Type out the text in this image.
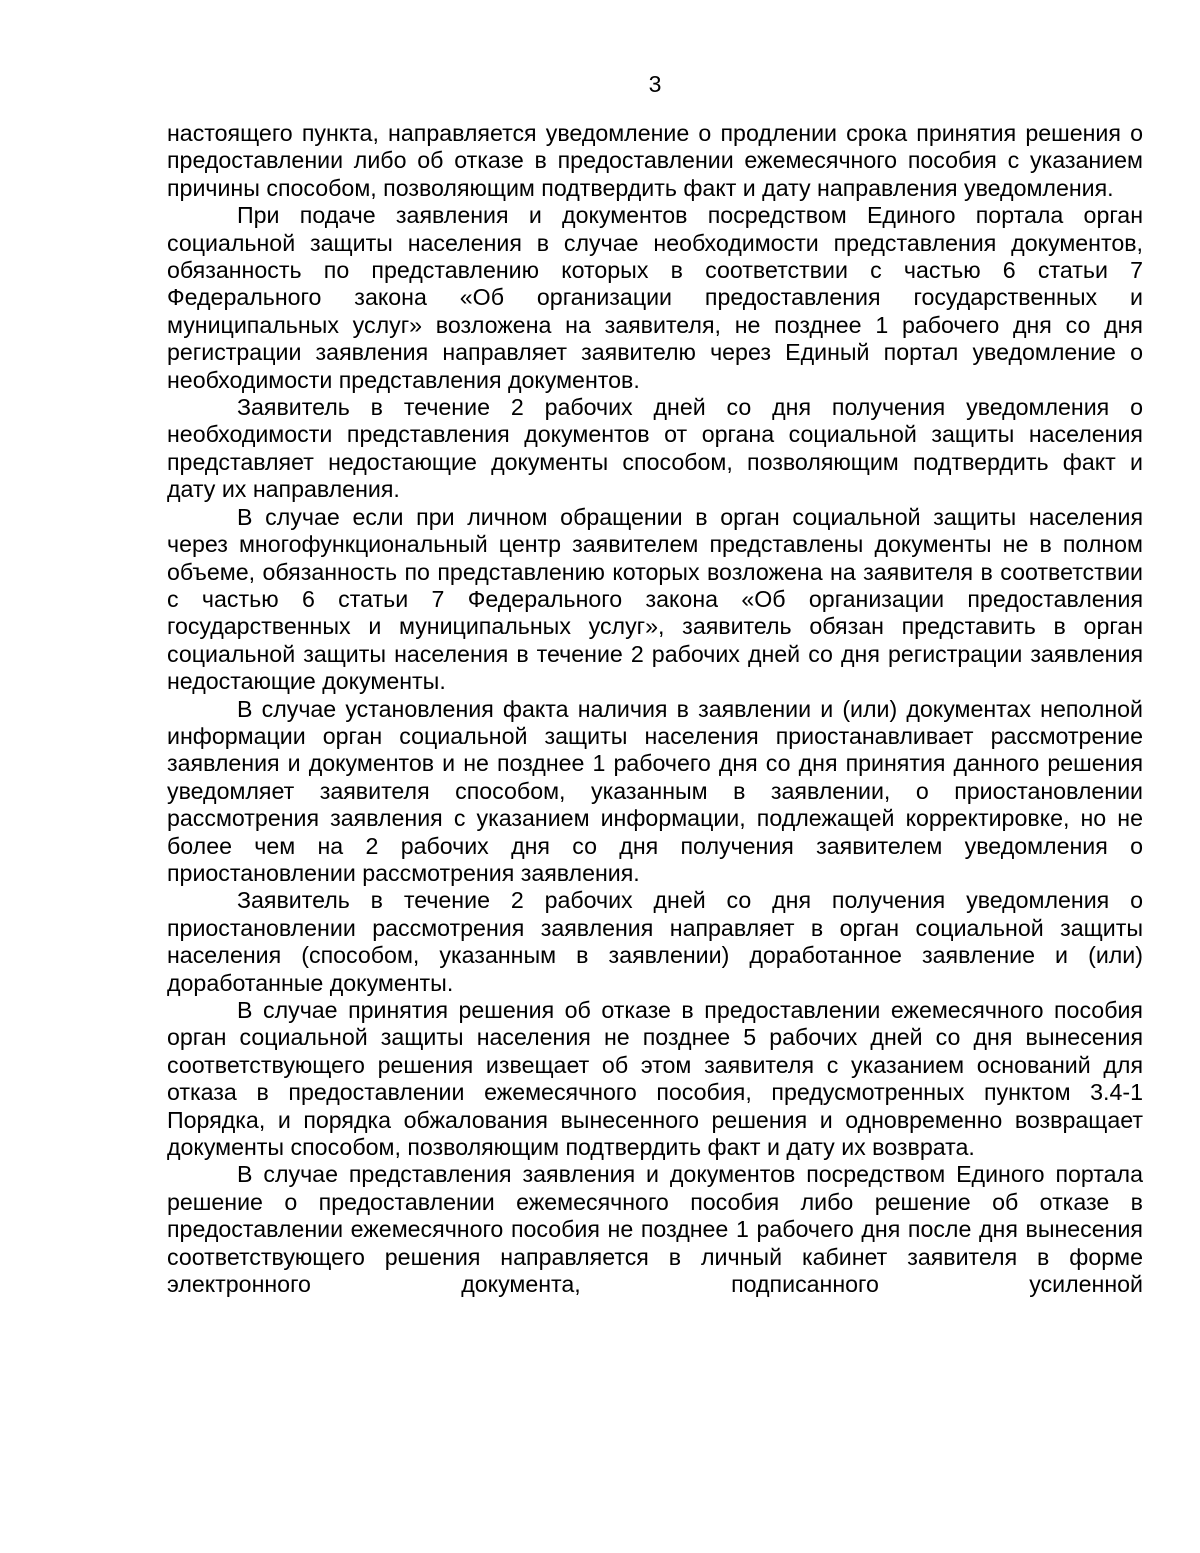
3

настоящего пункта, направляется уведомление о продлении срока принятия решения о предоставлении либо об отказе в предоставлении ежемесячного пособия с указанием причины способом, позволяющим подтвердить факт и дату направления уведомления.

При подаче заявления и документов посредством Единого портала орган социальной защиты населения в случае необходимости представления документов, обязанность по представлению которых в соответствии с частью 6 статьи 7 Федерального закона «Об организации предоставления государственных и муниципальных услуг» возложена на заявителя, не позднее 1 рабочего дня со дня регистрации заявления направляет заявителю через Единый портал уведомление о необходимости представления документов.

Заявитель в течение 2 рабочих дней со дня получения уведомления о необходимости представления документов от органа социальной защиты населения представляет недостающие документы способом, позволяющим подтвердить факт и дату их направления.

В случае если при личном обращении в орган социальной защиты населения через многофункциональный центр заявителем представлены документы не в полном объеме, обязанность по представлению которых возложена на заявителя в соответствии с частью 6 статьи 7 Федерального закона «Об организации предоставления государственных и муниципальных услуг», заявитель обязан представить в орган социальной защиты населения в течение 2 рабочих дней со дня регистрации заявления недостающие документы.

В случае установления факта наличия в заявлении и (или) документах неполной информации орган социальной защиты населения приостанавливает рассмотрение заявления и документов и не позднее 1 рабочего дня со дня принятия данного решения уведомляет заявителя способом, указанным в заявлении, о приостановлении рассмотрения заявления с указанием информации, подлежащей корректировке, но не более чем на 2 рабочих дня со дня получения заявителем уведомления о приостановлении рассмотрения заявления.

Заявитель в течение 2 рабочих дней со дня получения уведомления о приостановлении рассмотрения заявления направляет в орган социальной защиты населения (способом, указанным в заявлении) доработанное заявление и (или) доработанные документы.

В случае принятия решения об отказе в предоставлении ежемесячного пособия орган социальной защиты населения не позднее 5 рабочих дней со дня вынесения соответствующего решения извещает об этом заявителя с указанием оснований для отказа в предоставлении ежемесячного пособия, предусмотренных пунктом 3.4-1 Порядка, и порядка обжалования вынесенного решения и одновременно возвращает документы способом, позволяющим подтвердить факт и дату их возврата.

В случае представления заявления и документов посредством Единого портала решение о предоставлении ежемесячного пособия либо решение об отказе в предоставлении ежемесячного пособия не позднее 1 рабочего дня после дня вынесения соответствующего решения направляется в личный кабинет заявителя в форме электронного документа, подписанного усиленной
